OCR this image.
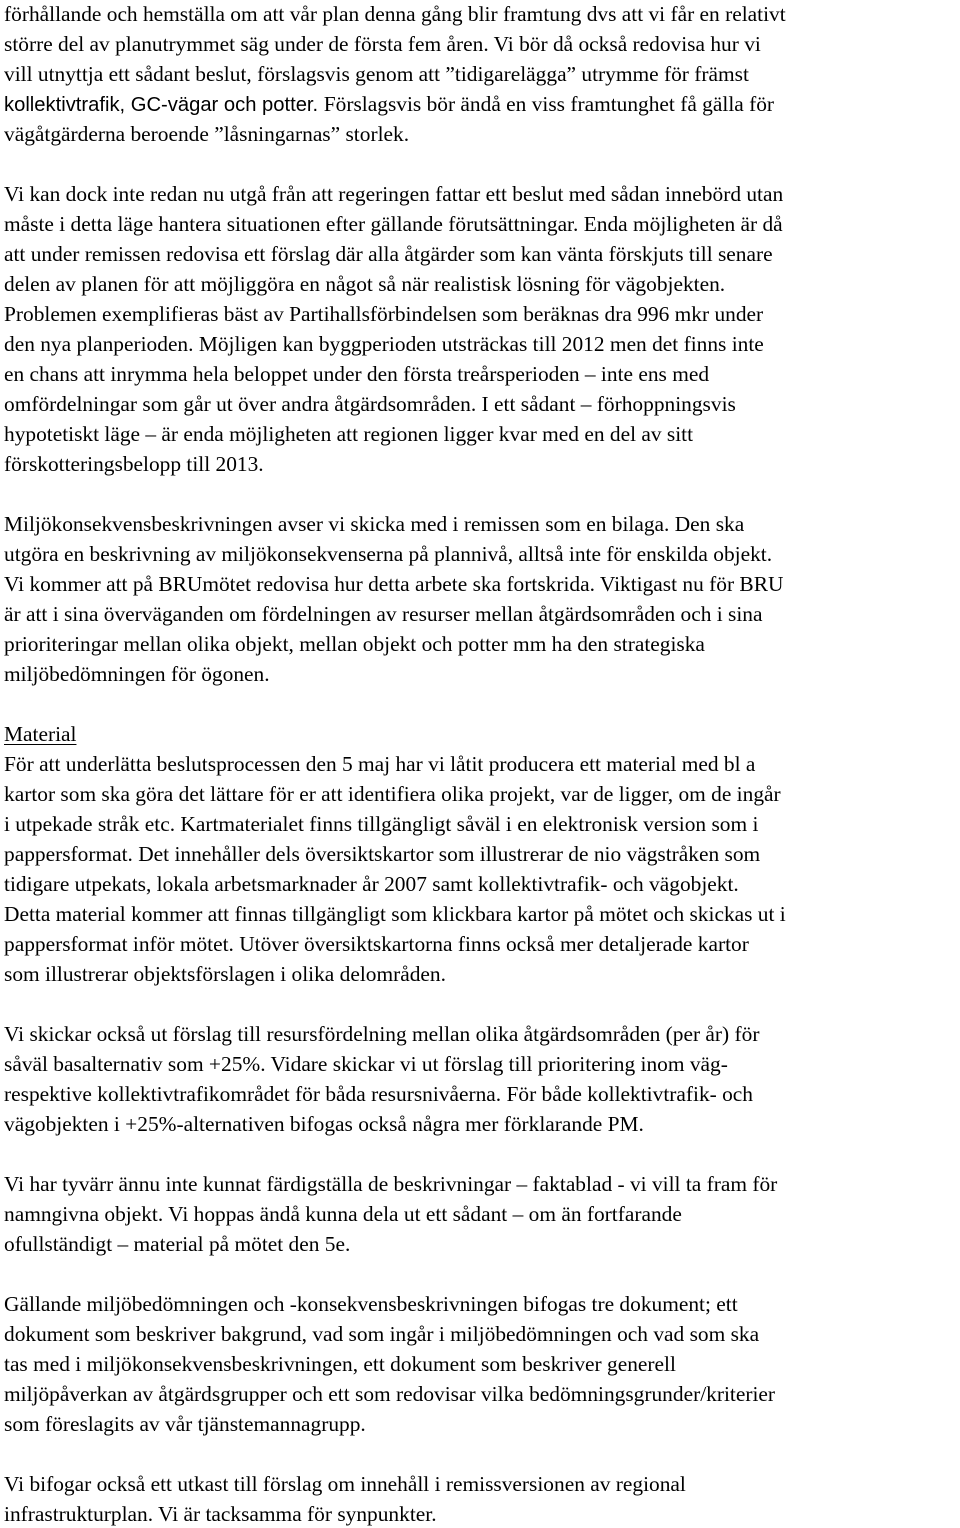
förhållande och hemställa om att vår plan denna gång blir framtung dvs att vi får en relativt
större del av planutrymmet säg under de första fem åren. Vi bör då också redovisa hur vi
vill utnyttja ett sådant beslut, förslagsvis genom att ”tidigarelägga” utrymme för främst
kollektivtrafik, GC-vägar och potter. Förslagsvis bör ändå en viss framtunghet få gälla för
vägåtgärderna beroende ”låsningarnas” storlek.
Vi kan dock inte redan nu utgå från att regeringen fattar ett beslut med sådan innebörd utan
måste i detta läge hantera situationen efter gällande förutsättningar. Enda möjligheten är då
att under remissen redovisa ett förslag där alla åtgärder som kan vänta förskjuts till senare
delen av planen för att möjliggöra en något så när realistisk lösning för vägobjekten.
Problemen exemplifieras bäst av Partihallsförbindelsen som beräknas dra 996 mkr under
den nya planperioden. Möjligen kan byggperioden utsträckas till 2012 men det finns inte
en chans att inrymma hela beloppet under den första treårsperioden – inte ens med
omfördelningar som går ut över andra åtgärdsområden. I ett sådant – förhoppningsvis
hypotetiskt läge – är enda möjligheten att regionen ligger kvar med en del av sitt
förskotteringsbelopp till 2013.
Miljökonsekvensbeskrivningen avser vi skicka med i remissen som en bilaga. Den ska
utgöra en beskrivning av miljökonsekvenserna på plannivå, alltså inte för enskilda objekt.
Vi kommer att på BRUmötet redovisa hur detta arbete ska fortskrida. Viktigast nu för BRU
är att i sina överväganden om fördelningen av resurser mellan åtgärdsområden och i sina
prioriteringar mellan olika objekt, mellan objekt och potter mm ha den strategiska
miljöbedömningen för ögonen.
Material
För att underlätta beslutsprocessen den 5 maj har vi låtit producera ett material med bl a
kartor som ska göra det lättare för er att identifiera olika projekt, var de ligger, om de ingår
i utpekade stråk etc. Kartmaterialet finns tillgängligt såväl i en elektronisk version som i
pappersformat. Det innehåller dels översiktskartor som illustrerar de nio vägstråken som
tidigare utpekats, lokala arbetsmarknader år 2007 samt kollektivtrafik- och vägobjekt.
Detta material kommer att finnas tillgängligt som klickbara kartor på mötet och skickas ut i
pappersformat inför mötet. Utöver översiktskartorna finns också mer detaljerade kartor
som illustrerar objektsförslagen i olika delområden.
Vi skickar också ut förslag till resursfördelning mellan olika åtgärdsområden (per år) för
såväl basalternativ som +25%. Vidare skickar vi ut förslag till prioritering inom väg-
respektive kollektivtrafikområdet för båda resursnivåerna. För både kollektivtrafik- och
vägobjekten i +25%-alternativen bifogas också några mer förklarande PM.
Vi har tyvärr ännu inte kunnat färdigställa de beskrivningar – faktablad - vi vill ta fram för
namngivna objekt. Vi hoppas ändå kunna dela ut ett sådant – om än fortfarande
ofullständigt – material på mötet den 5e.
Gällande miljöbedömningen och -konsekvensbeskrivningen bifogas tre dokument; ett
dokument som beskriver bakgrund, vad som ingår i miljöbedömningen och vad som ska
tas med i miljökonsekvensbeskrivningen, ett dokument som beskriver generell
miljöpåverkan av åtgärdsgrupper och ett som redovisar vilka bedömningsgrunder/kriterier
som föreslagits av vår tjänstemannagrupp.
Vi bifogar också ett utkast till förslag om innehåll i remissversionen av regional
infrastrukturplan. Vi är tacksamma för synpunkter.
